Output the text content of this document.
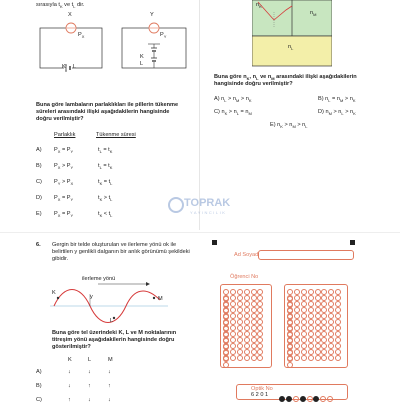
sırasıyla $t_K$ ve $t_L$ dir.
X	Y
$P_X$	$P_Y$
K L
K
L
Buna göre lambaların parlaklıkları ile pillerin tükenme
süreleri arasındaki ilişki aşağıdakilerin hangisinde
doğru verilmiştir?
Parlaklık	Tükenme süresi
A) $P_X = P_Y$	$t_L = t_K$
B) $P_X > P_Y$	$t_L = t_K$
C) $P_Y > P_X$	$t_K = t_L$
D) $P_X = P_Y$	$t_K > t_L$
E) $P_X = P_Y$	$t_K < t_L$
$n_K$
$n_M$
$n_L$
Buna göre $n_K$, $n_L$ ve $n_M$ arasındaki ilişki aşağıdakilerin
hangisinde doğru verilmiştir?
A) $n_L > n_M > n_K$	B) $n_L = n_M > n_K$
C) $n_K > n_L = n_M$	D) $n_M > n_L > n_K$
E) $n_K > n_M > n_L$
TOPRAK
YAYINCILIK
6. Gergin bir telde oluşturulan ve ilerleme yönü ok ile
belirtilen y genlikli dalganın bir anlık görünümü şekildeki
gibidir.
ilerleme yönü
K
y
L
M
Buna göre tel üzerindeki K, L ve M noktalarının
titreşim yönü aşağıdakilerin hangisinde doğru
gösterilmiştir?
K	L	M
A)	↓	↓	↓
B)	↓	↑	↑
C)	↑	↓	↓
Ad Soyad
Öğrenci No
Optik No
6 2 0 1
